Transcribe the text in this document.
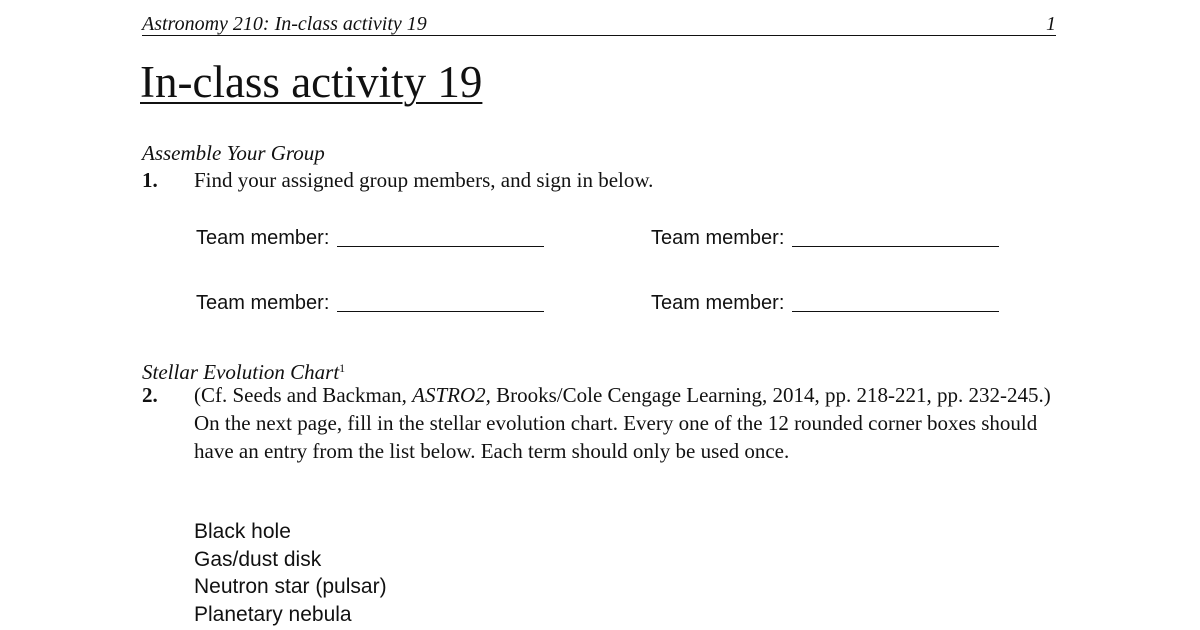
Astronomy 210: In-class activity 19	1
In-class activity 19
Assemble Your Group
1. Find your assigned group members, and sign in below.
Team member:	Team member:
Team member:	Team member:
Stellar Evolution Chart$^1$
2. (Cf. Seeds and Backman, ASTRO2, Brooks/Cole Cengage Learning, 2014, pp. 218-221, pp. 232-245.) On the next page, fill in the stellar evolution chart. Every one of the 12 rounded corner boxes should have an entry from the list below. Each term should only be used once.
Black hole
Gas/dust disk
Neutron star (pulsar)
Planetary nebula
